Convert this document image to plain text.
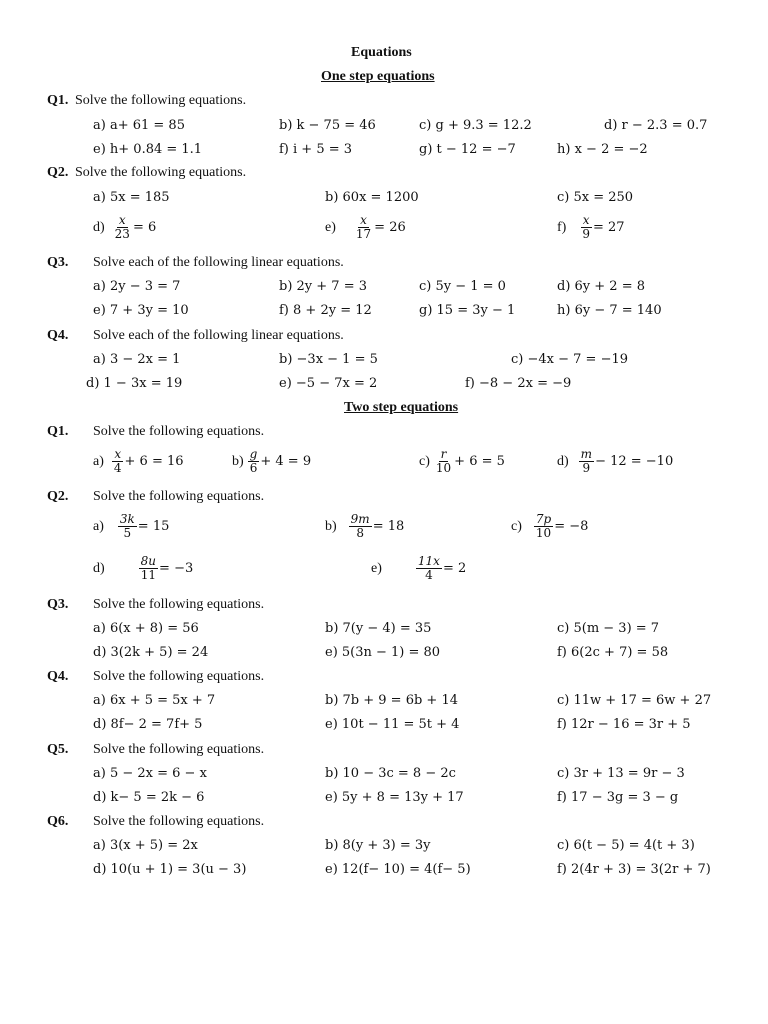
Equations
One step equations
Q1. Solve the following equations.
a) a+ 61 = 85	b) k − 75 = 46	c) g + 9.3 = 12.2	d) r − 2.3 = 0.7
e) h+ 0.84 = 1.1	f) i + 5 = 3	g) t − 12 = −7	h) x − 2 = −2
Q2. Solve the following equations.
a) 5x = 185	b) 60x = 1200	c) 5x = 250
$d) \frac{x}{23} = 6$	$e) \frac{x}{17} = 26$	$f) \frac{x}{9} = 27$
Q3. Solve each of the following linear equations.
a) 2y − 3 = 7	b) 2y + 7 = 3	c) 5y − 1 = 0	d) 6y + 2 = 8
e) 7 + 3y = 10	f) 8 + 2y = 12	g) 15 = 3y − 1	h) 6y − 7 = 140
Q4. Solve each of the following linear equations.
a) 3 − 2x = 1	b) −3x − 1 = 5	c) −4x − 7 = −19
d) 1 − 3x = 19	e) −5 − 7x = 2	f) −8 − 2x = −9
Two step equations
Q1. Solve the following equations.
$a) \frac{x}{4} + 6 = 16$	$b) \frac{g}{6} + 4 = 9$	$c) \frac{r}{10} + 6 = 5$	$d) \frac{m}{9} - 12 = -10$
Q2. Solve the following equations.
$a) \frac{3k}{5} = 15$	$b) \frac{9m}{8} = 18$	$c) \frac{7p}{10} = -8$
d)	$\frac{8u}{11} = -3$	e)	$\frac{11x}{4} = 2$
Q3. Solve the following equations.
a) 6(x + 8) = 56	b) 7(y − 4) = 35	c) 5(m − 3) = 7
d) 3(2k + 5) = 24	e) 5(3n − 1) = 80	f) 6(2c + 7) = 58
Q4. Solve the following equations.
a) 6x + 5 = 5x + 7	b) 7b + 9 = 6b + 14	c) 11w + 17 = 6w + 27
d) 8f− 2 = 7f+ 5	e) 10t − 11 = 5t + 4	f) 12r − 16 = 3r + 5
Q5. Solve the following equations.
a) 5 − 2x = 6 − x	b) 10 − 3c = 8 − 2c	c) 3r + 13 = 9r − 3
d) k− 5 = 2k − 6	e) 5y + 8 = 13y + 17	f) 17 − 3g = 3 − g
Q6. Solve the following equations.
a) 3(x + 5) = 2x	b) 8(y + 3) = 3y	c) 6(t − 5) = 4(t + 3)
d) 10(u + 1) = 3(u − 3)	e) 12(f− 10) = 4(f− 5)	f) 2(4r + 3) = 3(2r + 7)
